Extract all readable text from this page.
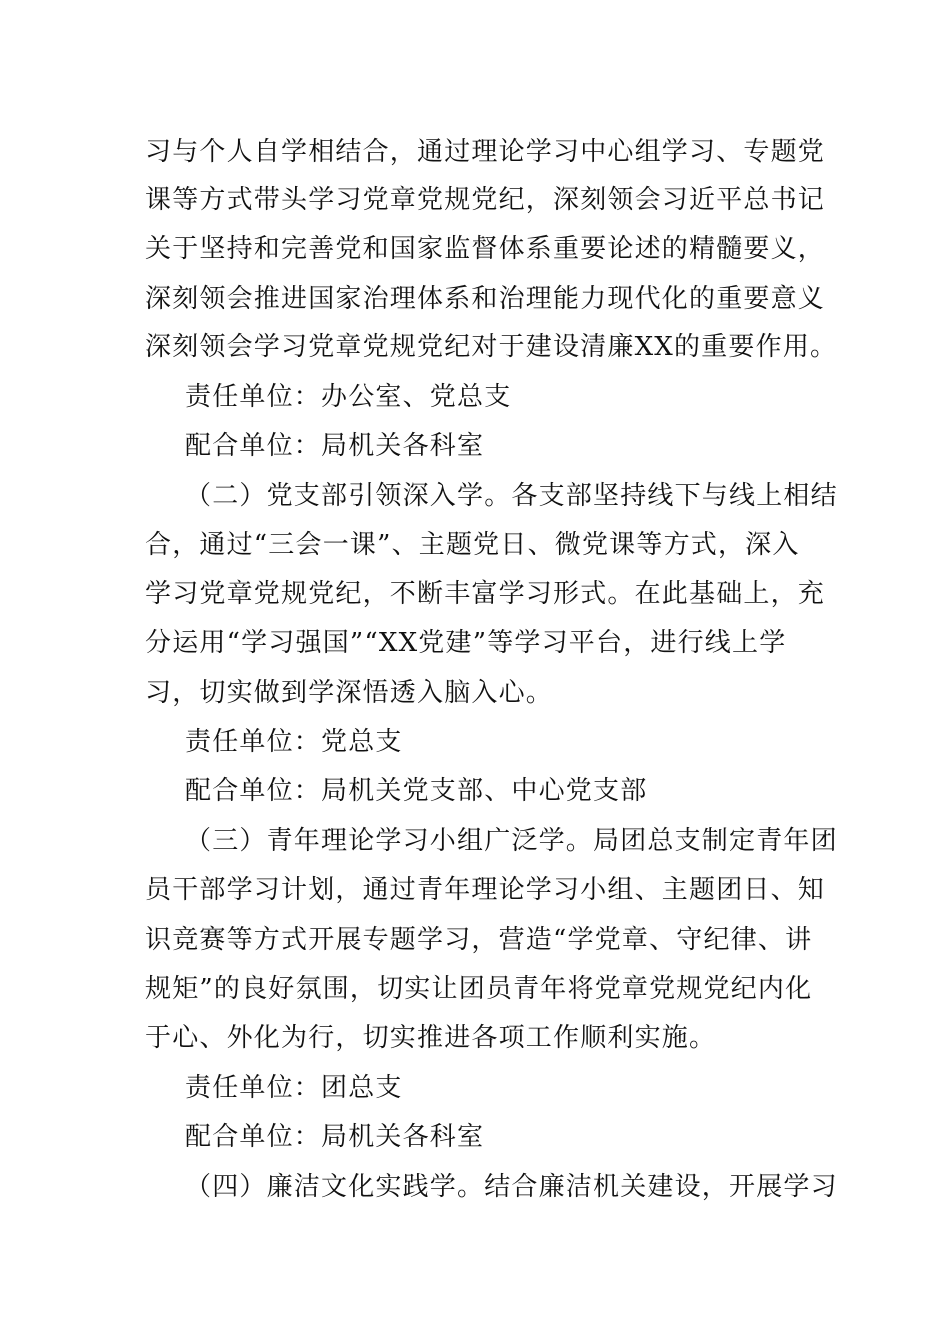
习与个人自学相结合，通过理论学习中心组学习、专题党
课等方式带头学习党章党规党纪，深刻领会习近平总书记
关于坚持和完善党和国家监督体系重要论述的精髓要义，
深刻领会推进国家治理体系和治理能力现代化的重要意义
深刻领会学习党章党规党纪对于建设清廉XX的重要作用。
责任单位：办公室、党总支
配合单位：局机关各科室
（二）党支部引领深入学。各支部坚持线下与线上相结
合，通过“三会一课”、主题党日、微党课等方式，深入
学习党章党规党纪，不断丰富学习形式。在此基础上，充
分运用“学习强国”“XX党建”等学习平台，进行线上学
习，切实做到学深悟透入脑入心。
责任单位：党总支
配合单位：局机关党支部、中心党支部
（三）青年理论学习小组广泛学。局团总支制定青年团
员干部学习计划，通过青年理论学习小组、主题团日、知
识竞赛等方式开展专题学习，营造“学党章、守纪律、讲
规矩”的良好氛围，切实让团员青年将党章党规党纪内化
于心、外化为行，切实推进各项工作顺利实施。
责任单位：团总支
配合单位：局机关各科室
（四）廉洁文化实践学。结合廉洁机关建设，开展学习
